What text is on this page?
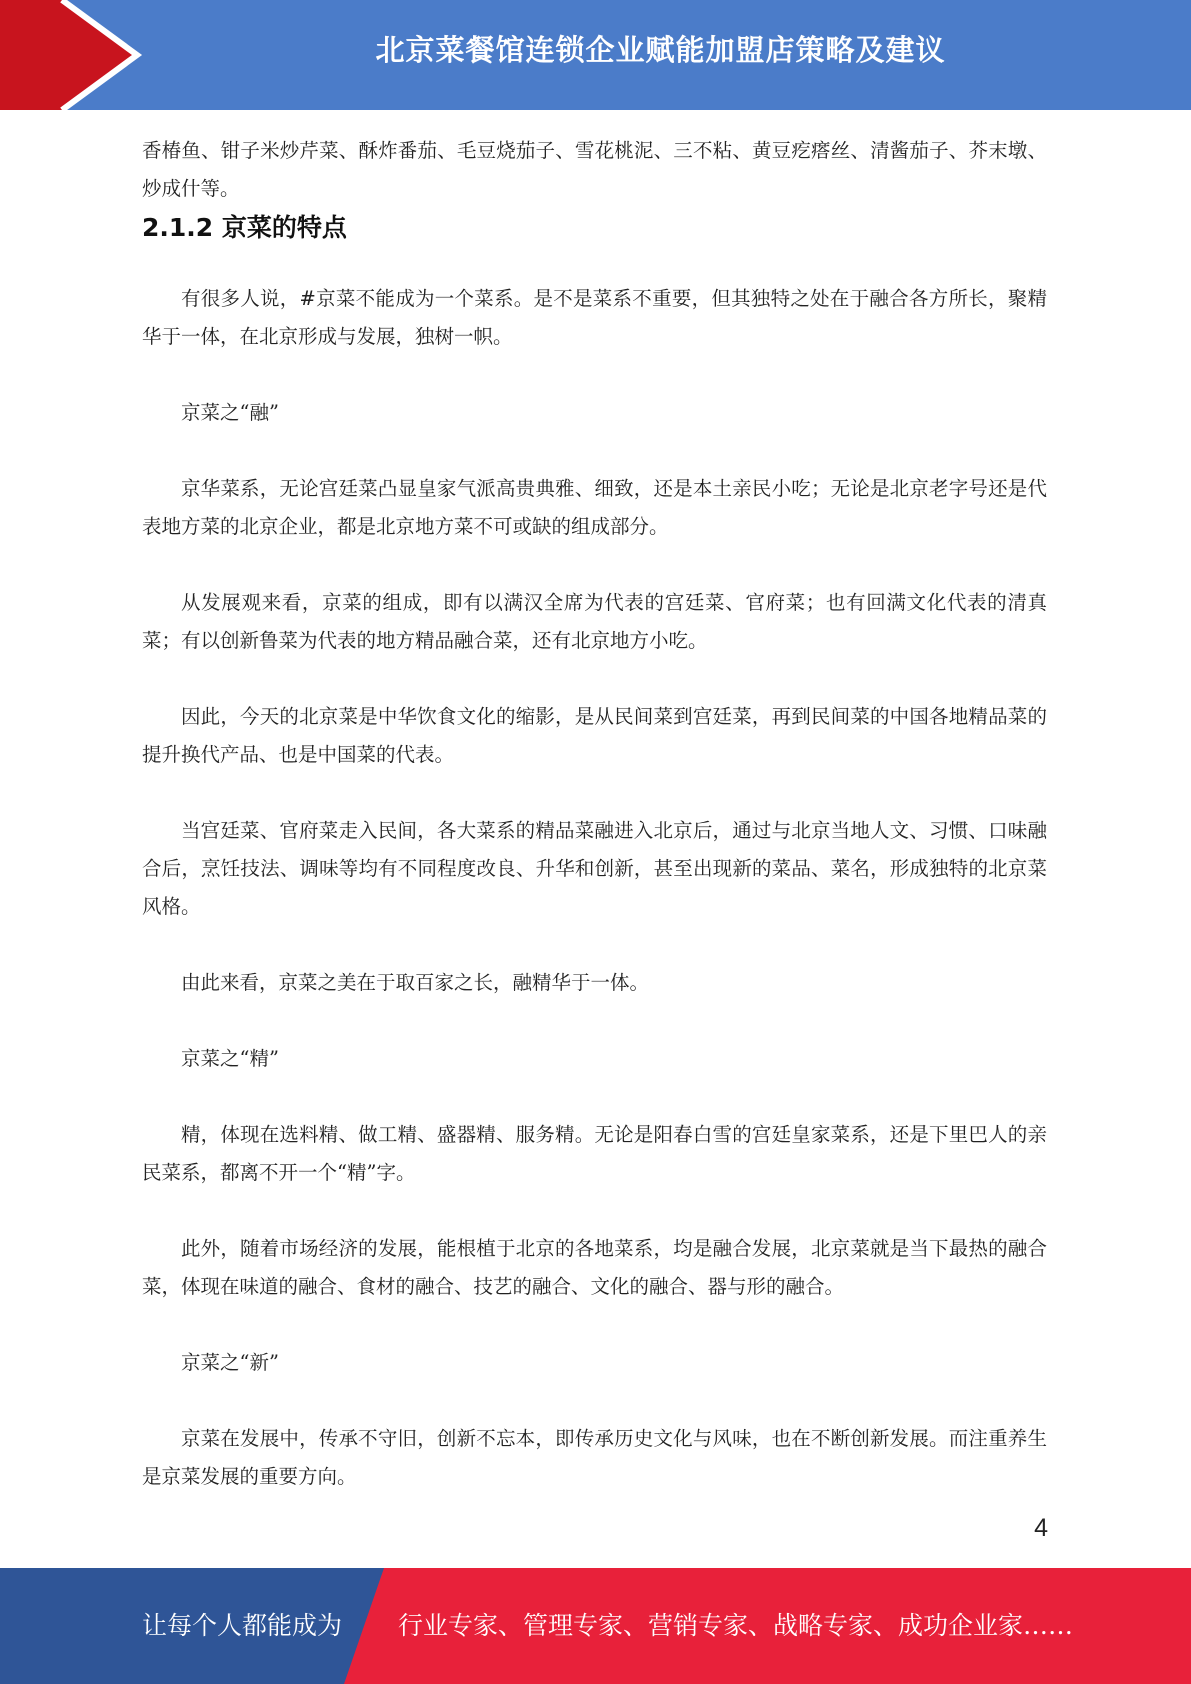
北京菜餐馆连锁企业赋能加盟店策略及建议

香椿鱼、钳子米炒芹菜、酥炸番茄、毛豆烧茄子、雪花桃泥、三不粘、黄豆疙瘩丝、清酱茄子、芥末墩、炒成什等。

2.1.2 京菜的特点

有很多人说，#京菜不能成为一个菜系。是不是菜系不重要，但其独特之处在于融合各方所长，聚精华于一体，在北京形成与发展，独树一帜。

京菜之“融”

京华菜系，无论宫廷菜凸显皇家气派高贵典雅、细致，还是本土亲民小吃；无论是北京老字号还是代表地方菜的北京企业，都是北京地方菜不可或缺的组成部分。

从发展观来看，京菜的组成，即有以满汉全席为代表的宫廷菜、官府菜；也有回满文化代表的清真菜；有以创新鲁菜为代表的地方精品融合菜，还有北京地方小吃。

因此，今天的北京菜是中华饮食文化的缩影，是从民间菜到宫廷菜，再到民间菜的中国各地精品菜的提升换代产品、也是中国菜的代表。

当宫廷菜、官府菜走入民间，各大菜系的精品菜融进入北京后，通过与北京当地人文、习惯、口味融合后，烹饪技法、调味等均有不同程度改良、升华和创新，甚至出现新的菜品、菜名，形成独特的北京菜风格。

由此来看，京菜之美在于取百家之长，融精华于一体。

京菜之“精”

精，体现在选料精、做工精、盛器精、服务精。无论是阳春白雪的宫廷皇家菜系，还是下里巴人的亲民菜系，都离不开一个“精”字。

此外，随着市场经济的发展，能根植于北京的各地菜系，均是融合发展，北京菜就是当下最热的融合菜，体现在味道的融合、食材的融合、技艺的融合、文化的融合、器与形的融合。

京菜之“新”

京菜在发展中，传承不守旧，创新不忘本，即传承历史文化与风味，也在不断创新发展。而注重养生是京菜发展的重要方向。

4
让每个人都能成为 行业专家、管理专家、营销专家、战略专家、成功企业家……
